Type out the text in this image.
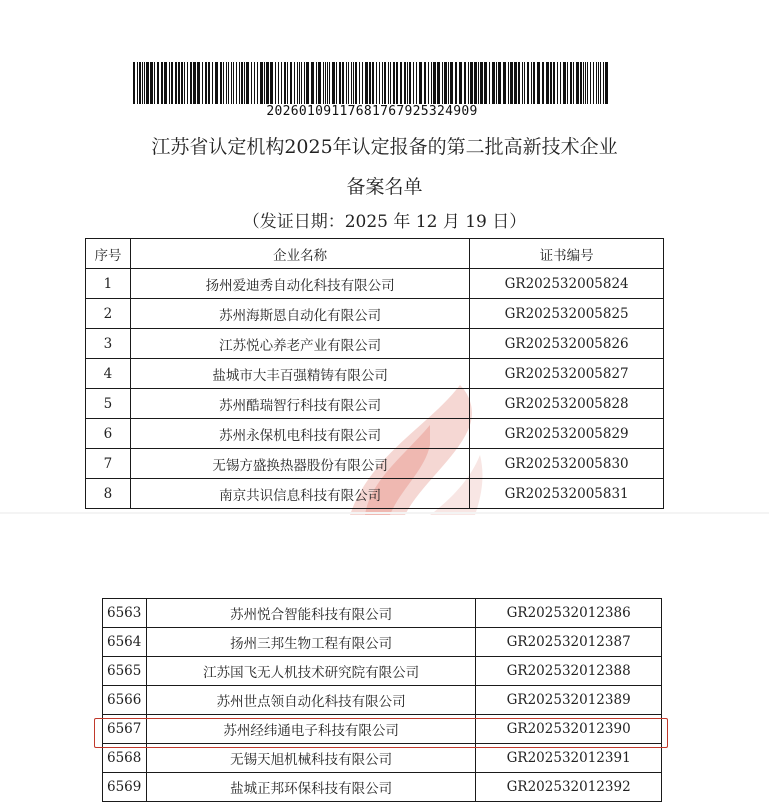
20260109117681767925324909
江苏省认定机构2025年认定报备的第二批高新技术企业
备案名单
（发证日期：2025 年 12 月 19 日）
序号	企业名称	证书编号
1	扬州爱迪秀自动化科技有限公司	GR202532005824
2	苏州海斯恩自动化有限公司	GR202532005825
3	江苏悦心养老产业有限公司	GR202532005826
4	盐城市大丰百强精铸有限公司	GR202532005827
5	苏州酷瑞智行科技有限公司	GR202532005828
6	苏州永保机电科技有限公司	GR202532005829
7	无锡方盛换热器股份有限公司	GR202532005830
8	南京共识信息科技有限公司	GR202532005831
6563	苏州悦合智能科技有限公司	GR202532012386
6564	扬州三邦生物工程有限公司	GR202532012387
6565	江苏国飞无人机技术研究院有限公司	GR202532012388
6566	苏州世点领自动化科技有限公司	GR202532012389
6567	苏州经纬通电子科技有限公司	GR202532012390
6568	无锡天旭机械科技有限公司	GR202532012391
6569	盐城正邦环保科技有限公司	GR202532012392
